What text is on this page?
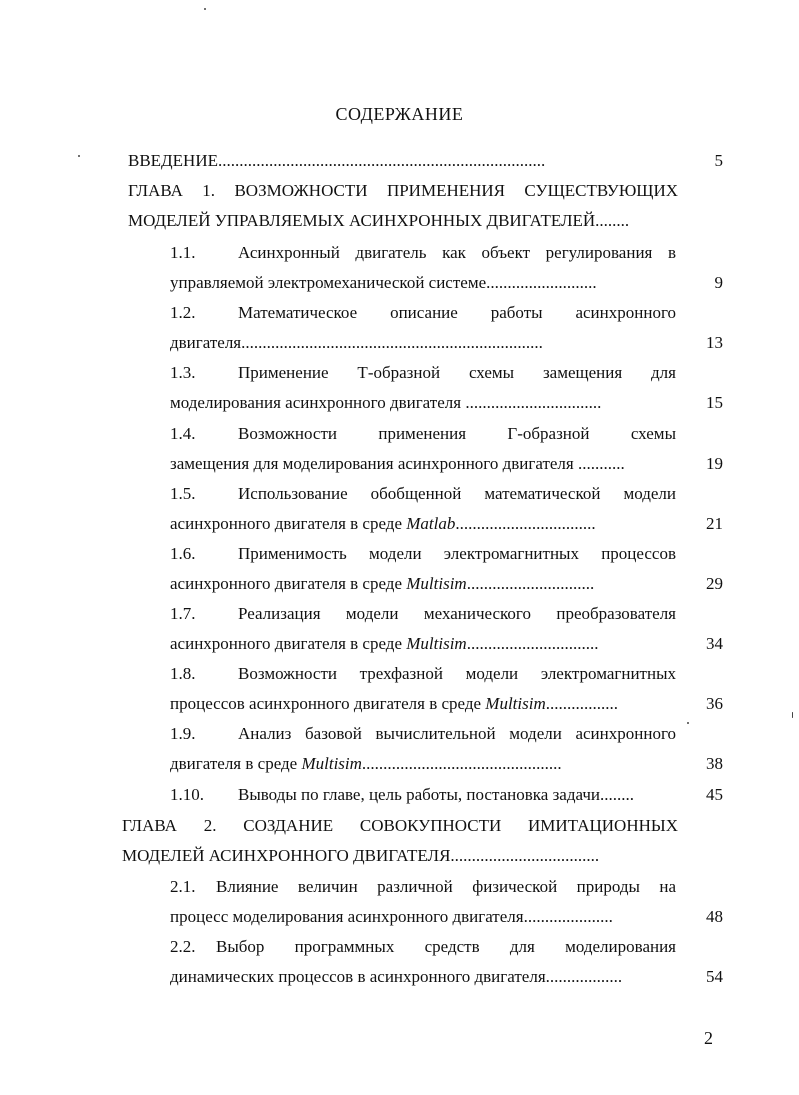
СОДЕРЖАНИЕ
ВВЕДЕНИЕ.............................................................................	5
ГЛАВА 1. ВОЗМОЖНОСТИ ПРИМЕНЕНИЯ СУЩЕСТВУЮЩИХ
МОДЕЛЕЙ УПРАВЛЯЕМЫХ АСИНХРОННЫХ ДВИГАТЕЛЕЙ........
1.1.	Асинхронный двигатель как объект регулирования в
управляемой электромеханической системе..........................	9
1.2.	Математическое описание работы асинхронного
двигателя.......................................................................	13
1.3.	Применение Т-образной схемы замещения для
моделирования асинхронного двигателя ................................	15
1.4.	Возможности применения Г-образной схемы
замещения для моделирования асинхронного двигателя ...........	19
1.5.	Использование обобщенной математической модели
асинхронного двигателя в среде Matlab.................................	21
1.6.	Применимость модели электромагнитных процессов
асинхронного двигателя в среде Multisim..............................	29
1.7.	Реализация модели механического преобразователя
асинхронного двигателя в среде Multisim...............................	34
1.8.	Возможности трехфазной модели электромагнитных
процессов асинхронного двигателя в среде Multisim.................	36
1.9.	Анализ базовой вычислительной модели асинхронного
двигателя в среде Multisim...............................................	38
1.10. Выводы по главе, цель работы, постановка задачи........	45
ГЛАВА 2. СОЗДАНИЕ СОВОКУПНОСТИ ИМИТАЦИОННЫХ
МОДЕЛЕЙ АСИНХРОННОГО ДВИГАТЕЛЯ...................................
2.1. Влияние величин различной физической природы на
процесс моделирования асинхронного двигателя.....................	48
2.2. Выбор программных средств для моделирования
динамических процессов в асинхронного двигателя..................	54
2
